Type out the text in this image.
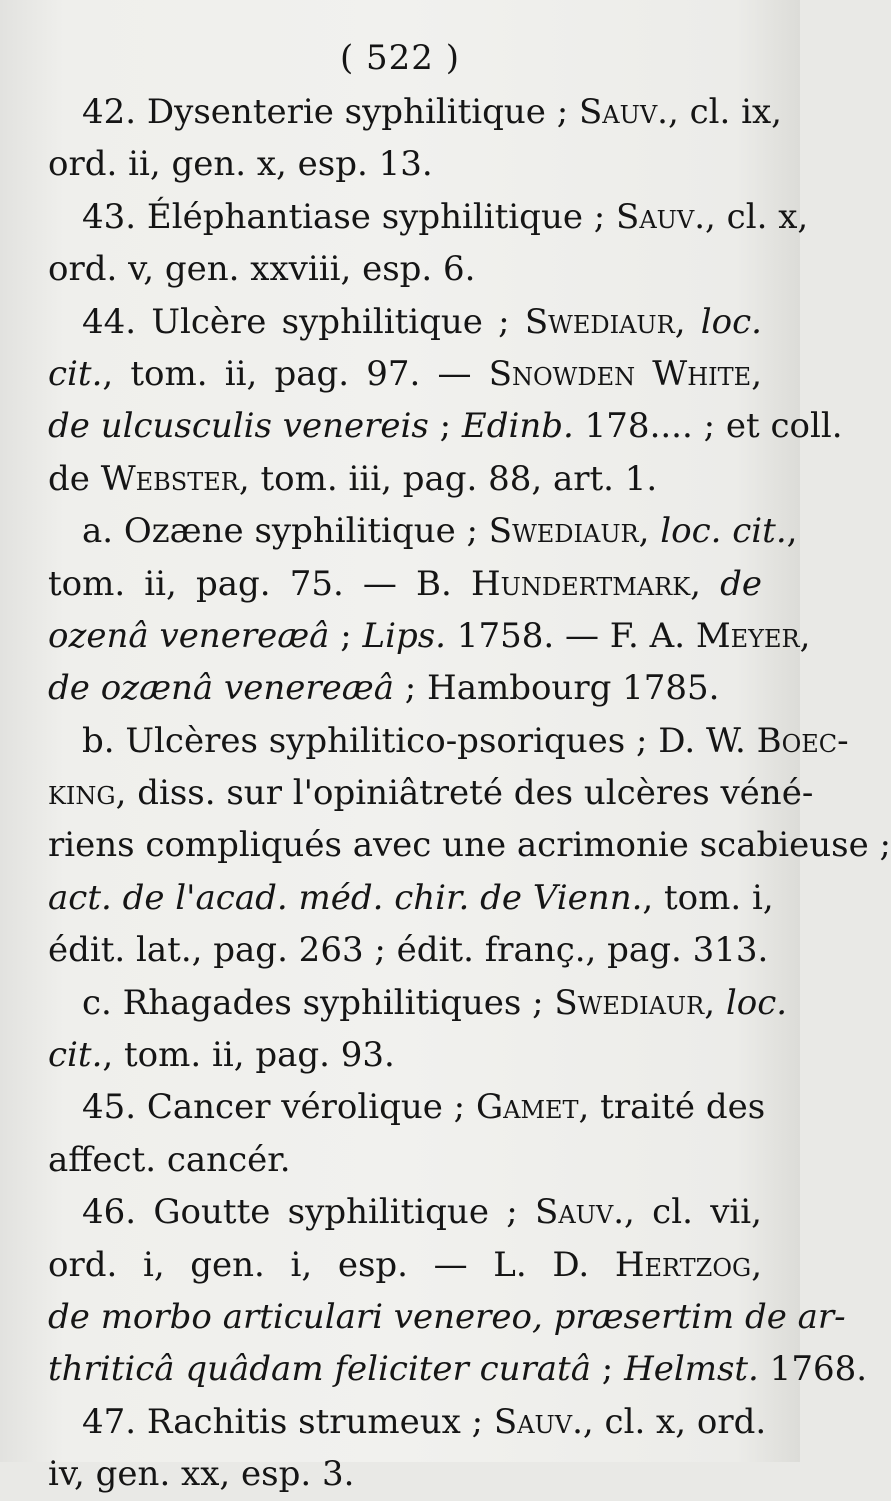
( 522 )
42. Dysenterie syphilitique ; Sauv., cl. ix,
ord. ii, gen. x, esp. 13.
43. Éléphantiase syphilitique ; Sauv., cl. x,
ord. v, gen. xxviii, esp. 6.
44. Ulcère syphilitique ; Swediaur, loc.
cit., tom. ii, pag. 97. — Snowden White,
de ulcusculis venereis ; Edinb. 178.... ; et coll.
de Webster, tom. iii, pag. 88, art. 1.
a. Ozæne syphilitique ; Swediaur, loc. cit.,
tom. ii, pag. 75. — B. Hundertmark, de
ozenâ venereæâ ; Lips. 1758. — F. A. Meyer,
de ozænâ venereæâ ; Hambourg 1785.
b. Ulcères syphilitico-psoriques ; D. W. Boec-
king, diss. sur l'opiniâtreté des ulcères véné-
riens compliqués avec une acrimonie scabieuse ;
act. de l'acad. méd. chir. de Vienn., tom. i,
édit. lat., pag. 263 ; édit. franç., pag. 313.
c. Rhagades syphilitiques ; Swediaur, loc.
cit., tom. ii, pag. 93.
45. Cancer vérolique ; Gamet, traité des
affect. cancér.
46. Goutte syphilitique ; Sauv., cl. vii,
ord. i, gen. i, esp. — L. D. Hertzog,
de morbo articulari venereo, præsertim de ar-
thriticâ quâdam feliciter curatâ ; Helmst. 1768.
47. Rachitis strumeux ; Sauv., cl. x, ord.
iv, gen. xx, esp. 3.
